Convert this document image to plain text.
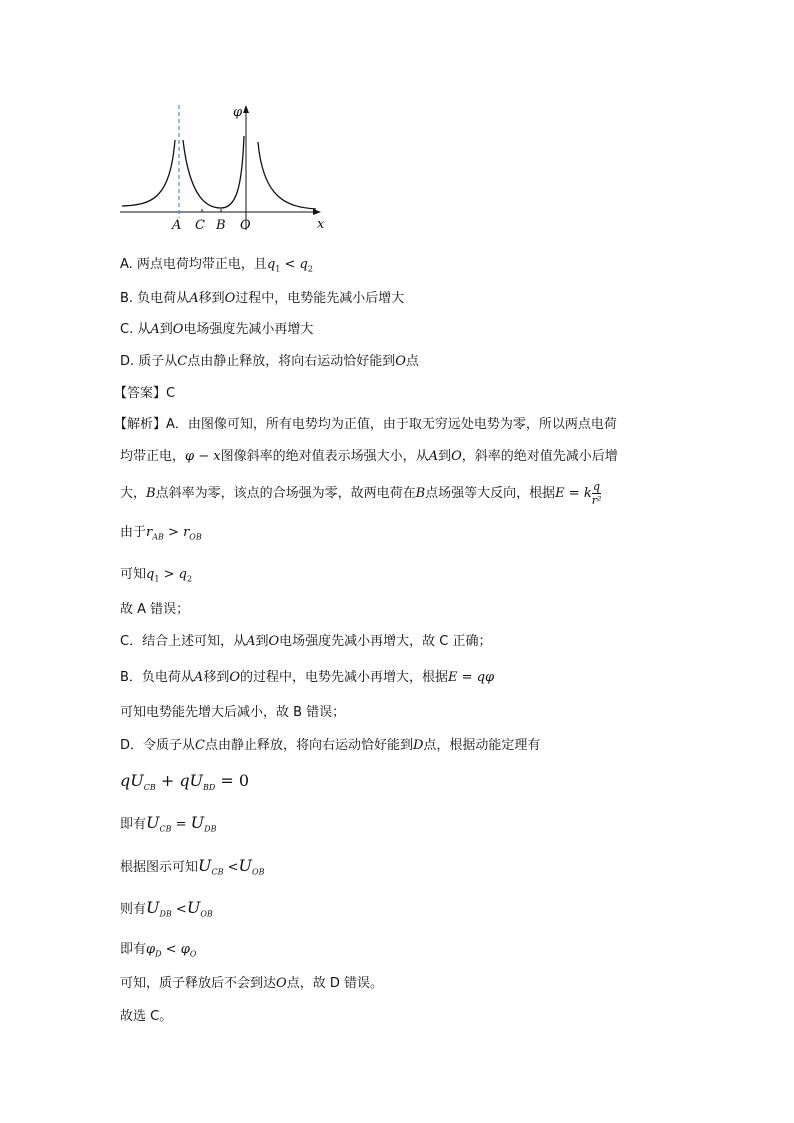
φ
x
A C B O
A. 两点电荷均带正电，且$q_1 < q_2$
B. 负电荷从A移到O过程中，电势能先减小后增大
C. 从A到O电场强度先减小再增大
D. 质子从C点由静止释放，将向右运动恰好能到O点
【答案】C
【解析】A．由图像可知，所有电势均为正值，由于取无穷远处电势为零，所以两点电荷
均带正电，φ − x图像斜率的绝对值表示场强大小，从A到O，斜率的绝对值先减小后增
大，B点斜率为零，该点的合场强为零，故两电荷在B点场强等大反向，根据E = k $\frac{q}{\text{r²}}$
由于$r_{AB} > r_{OB}$
可知$q_1 > q_2$
故 A 错误；
C．结合上述可知，从A到O电场强度先减小再增大，故 C 正确；
B．负电荷从A移到O的过程中，电势先减小再增大，根据E = qφ
可知电势能先增大后减小，故 B 错误；
D．令质子从C点由静止释放，将向右运动恰好能到D点，根据动能定理有
$qU_{CB} + qU_{BD} = 0$
即有$U_{CB} = U_{DB}$
根据图示可知$U_{CB} <U_{OB}$
则有$U_{DB} <U_{OB}$
即有$\varphi_D < \varphi_O$
可知，质子释放后不会到达O点，故 D 错误。
故选 C。
